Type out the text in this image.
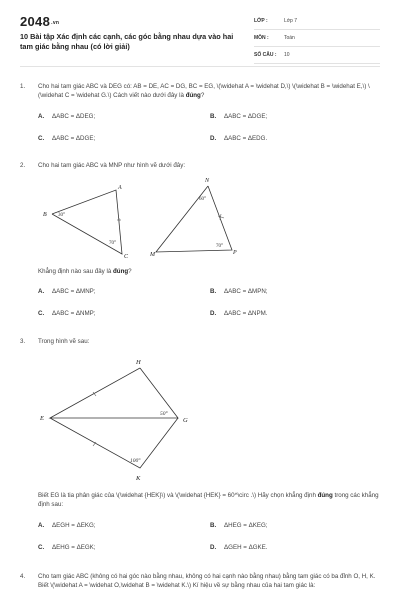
2048.vn
10 Bài tập Xác định các cạnh, các góc bằng nhau dựa vào hai tam giác bằng nhau (có lời giải)
LỚP :	Lớp 7
MÔN :	Toán
SỐ CÂU : 10
1. Cho hai tam giác ABC và DEG có: AB = DE, AC = DG, BC = EG, \(\widehat A = \widehat D,\) \(\widehat B = \widehat E,\) \(\widehat C = \widehat G.\) Cách viết nào dưới đây là đúng?
A. ΔABC = ΔDEG;	B. ΔABC = ΔDGE;
C. ΔABC = ΔDGE;	D. ΔABC = ΔEDG.
2. Cho hai tam giác ABC và MNP như hình vẽ dưới đây:
B
C
A
N
M	P
30°
70°
60°
70°
Khẳng định nào sau đây là đúng?
A. ΔABC = ΔMNP;	B. ΔABC = ΔMPN;
C. ΔABC = ΔNMP;	D. ΔABC = ΔNPM.
3. Trong hình vẽ sau:
H
E	G
K
50°
100°
Biết EG là tia phân giác của \(\widehat {HEK}\) và \(\widehat {HEK} = 60^\circ .\) Hãy chọn khẳng định đúng trong các khẳng định sau:
A. ΔEGH = ΔEKG;	B. ΔHEG = ΔKEG;
C. ΔEHG = ΔEGK;	D. ΔGEH = ΔGKE.
4. Cho tam giác ABC (không có hai góc nào bằng nhau, không có hai cạnh nào bằng nhau) bằng tam giác có ba đỉnh O, H, K. Biết \(\widehat A = \widehat O,\widehat B = \widehat K.\) Kí hiệu về sự bằng nhau của hai tam giác là:
